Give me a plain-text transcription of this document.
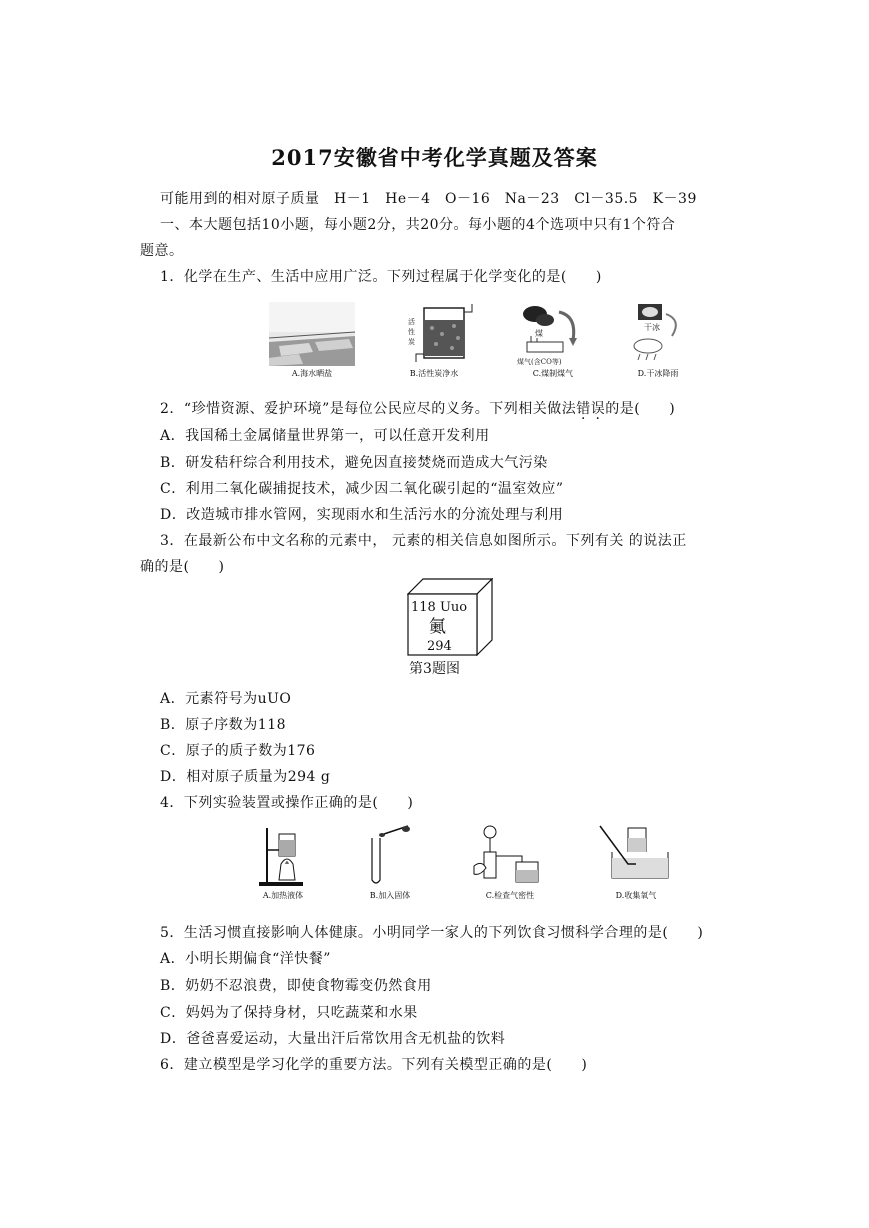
2017安徽省中考化学真题及答案
可能用到的相对原子质量　H－1　He－4　O－16　Na－23　Cl－35.5　K－39
一、本大题包括10小题，每小题2分，共20分。每小题的4个选项中只有1个符合
题意。
1．化学在生产、生活中应用广泛。下列过程属于化学变化的是(　　)
A.海水晒盐
活
性
炭
B.活性炭净水
煤
煤气(含CO等)
C.煤制煤气
干冰
D.干冰降雨
2．“珍惜资源、爱护环境”是每位公民应尽的义务。下列相关做法错误的是(　　)
A．我国稀土金属储量世界第一，可以任意开发利用
B．研发秸秆综合利用技术，避免因直接焚烧而造成大气污染
C．利用二氧化碳捕捉技术，减少因二氧化碳引起的“温室效应”
D．改造城市排水管网，实现雨水和生活污水的分流处理与利用
3．在最新公布中文名称的元素中， 元素的相关信息如图所示。下列有关 的说法正
确的是(　　)
118 Uuo
鿫
294
第3题图
A．元素符号为uUO
B．原子序数为118
C．原子的质子数为176
D．相对原子质量为294 g
4．下列实验装置或操作正确的是(　　)
A.加热液体	B.加入固体	C.检查气密性	D.收集氧气
5．生活习惯直接影响人体健康。小明同学一家人的下列饮食习惯科学合理的是(　　)
A．小明长期偏食“洋快餐”
B．奶奶不忍浪费，即使食物霉变仍然食用
C．妈妈为了保持身材，只吃蔬菜和水果
D．爸爸喜爱运动，大量出汗后常饮用含无机盐的饮料
6．建立模型是学习化学的重要方法。下列有关模型正确的是(　　)
